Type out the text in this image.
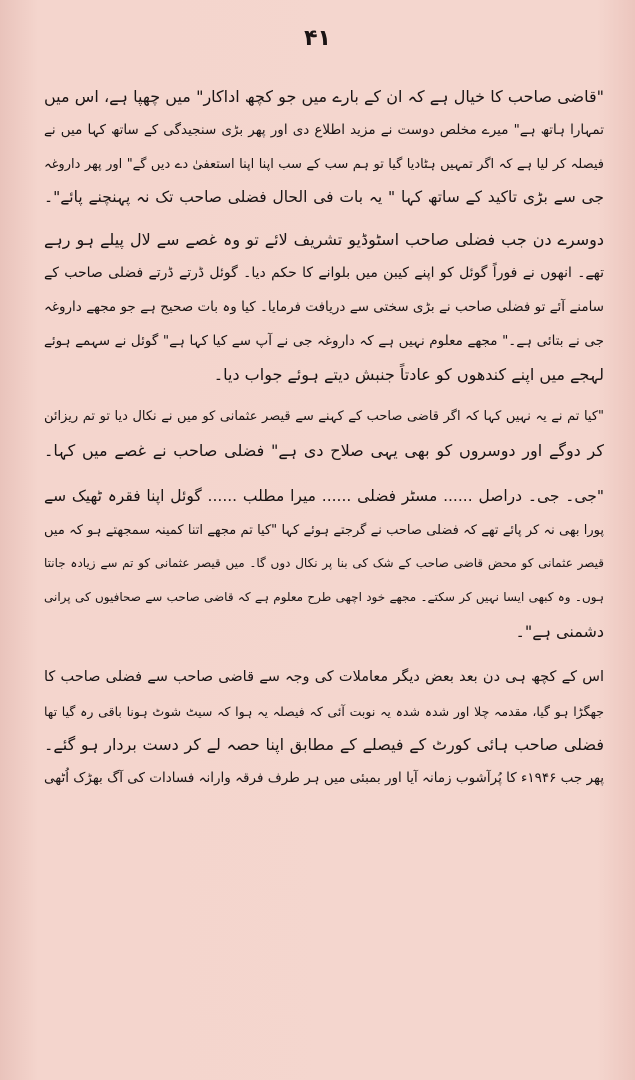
۴۱
"قاضی صاحب کا خیال ہے کہ ان کے بارے میں جو کچھ اداکار" میں چھپا ہے، اس میں
تمہارا ہاتھ ہے" میرے مخلص دوست نے مزید اطلاع دی اور پھر بڑی سنجیدگی کے ساتھ کہا میں نے
فیصلہ کر لیا ہے کہ اگر تمہیں ہٹادیا گیا تو ہم سب کے سب اپنا اپنا استعفیٰ دے دیں گے" اور پھر داروغہ
جی سے بڑی تاکید کے ساتھ کہا " یہ بات فی الحال فضلی صاحب تک نہ پہنچنے پائے"۔
دوسرے دن جب فضلی صاحب اسٹوڈیو تشریف لائے تو وہ غصے سے لال پیلے ہو رہے
تھے۔ انھوں نے فوراً گوئل کو اپنے کیبن میں بلوانے کا حکم دیا۔ گوئل ڈرتے ڈرتے فضلی صاحب کے
سامنے آئے تو فضلی صاحب نے بڑی سختی سے دریافت فرمایا۔ کیا وہ بات صحیح ہے جو مجھے داروغہ
جی نے بتائی ہے۔" مجھے معلوم نہیں ہے کہ داروغہ جی نے آپ سے کیا کہا ہے" گوئل نے سہمے ہوئے
لہجے میں اپنے کندھوں کو عادتاً جنبش دیتے ہوئے جواب دیا۔
"کیا تم نے یہ نہیں کہا کہ اگر قاضی صاحب کے کہنے سے قیصر عثمانی کو میں نے نکال دیا تو تم ریزائن
کر دوگے اور دوسروں کو بھی یہی صلاح دی ہے" فضلی صاحب نے غصے میں کہا۔
"جی۔ جی۔ دراصل ...... مسٹر فضلی ...... میرا مطلب ...... گوئل اپنا فقرہ ٹھیک سے
پورا بھی نہ کر پائے تھے کہ فضلی صاحب نے گرجتے ہوئے کہا "کیا تم مجھے اتنا کمینہ سمجھتے ہو کہ میں
قیصر عثمانی کو محض قاضی صاحب کے شک کی بنا پر نکال دوں گا۔ میں قیصر عثمانی کو تم سے زیادہ جانتا
ہوں۔ وہ کبھی ایسا نہیں کر سکتے۔ مجھے خود اچھی طرح معلوم ہے کہ قاضی صاحب سے صحافیوں کی پرانی
دشمنی ہے"۔
اس کے کچھ ہی دن بعد بعض دیگر معاملات کی وجہ سے قاضی صاحب سے فضلی صاحب کا
جھگڑا ہو گیا، مقدمہ چلا اور شدہ شدہ یہ نوبت آئی کہ فیصلہ یہ ہوا کہ سیٹ شوٹ ہونا باقی رہ گیا تھا
فضلی صاحب ہائی کورٹ کے فیصلے کے مطابق اپنا حصہ لے کر دست بردار ہو گئے۔
پھر جب ۱۹۴۶ء کا پُرآشوب زمانہ آیا اور بمبئی میں ہر طرف فرقہ وارانہ فسادات کی آگ بھڑک اُٹھی
